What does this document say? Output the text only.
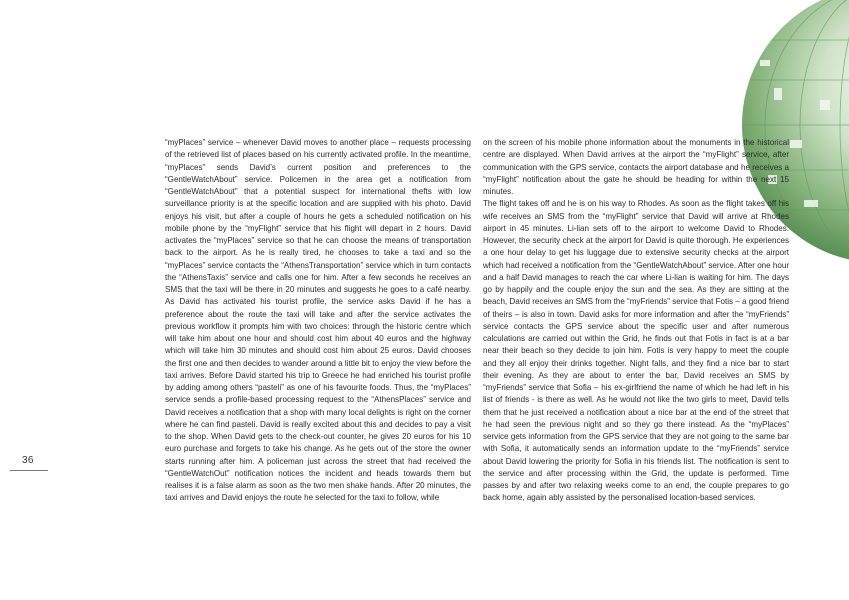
36

“myPlaces” service – whenever David moves to another place – requests processing of the retrieved list of places based on his currently activated profile. In the meantime, “myPlaces” sends David’s current position and preferences to the “GentleWatchAbout” service. Policemen in the area get a notification from “GentleWatchAbout” that a potential suspect for international thefts with low surveillance priority is at the specific location and are supplied with his photo. David enjoys his visit, but after a couple of hours he gets a scheduled notification on his mobile phone by the “myFlight” service that his flight will depart in 2 hours. David activates the “myPlaces” service so that he can choose the means of transportation back to the airport. As he is really tired, he chooses to take a taxi and so the “myPlaces” service contacts the “AthensTransportation” service which in turn contacts the “AthensTaxis” service and calls one for him. After a few seconds he receives an SMS that the taxi will be there in 20 minutes and suggests he goes to a café nearby. As David has activated his tourist profile, the service asks David if he has a preference about the route the taxi will take and after the service activates the previous workflow it prompts him with two choices: through the historic centre which will take him about one hour and should cost him about 40 euros and the highway which will take him 30 minutes and should cost him about 25 euros. David chooses the first one and then decides to wander around a little bit to enjoy the view before the taxi arrives. Before David started his trip to Greece he had enriched his tourist profile by adding among others “pasteli” as one of his favourite foods. Thus, the “myPlaces” service sends a profile-based processing request to the “AthensPlaces” service and David receives a notification that a shop with many local delights is right on the corner where he can find pasteli. David is really excited about this and decides to pay a visit to the shop. When David gets to the check-out counter, he gives 20 euros for his 10 euro purchase and forgets to take his change. As he gets out of the store the owner starts running after him. A policeman just across the street that had received the “GentleWatchOut” notification notices the incident and heads towards them but realises it is a false alarm as soon as the two men shake hands. After 20 minutes, the taxi arrives and David enjoys the route he selected for the taxi to follow, while

on the screen of his mobile phone information about the monuments in the historical centre are displayed. When David arrives at the airport the “myFlight” service, after communication with the GPS service, contacts the airport database and he receives a “myFlight” notification about the gate he should be heading for within the next 15 minutes.

The flight takes off and he is on his way to Rhodes. As soon as the flight takes off his wife receives an SMS from the “myFlight” service that David will arrive at Rhodes airport in 45 minutes. Li-lian sets off to the airport to welcome David to Rhodes. However, the security check at the airport for David is quite thorough. He experiences a one hour delay to get his luggage due to extensive security checks at the airport which had received a notification from the “GentleWatchAbout” service. After one hour and a half David manages to reach the car where Li-lian is waiting for him. The days go by happily and the couple enjoy the sun and the sea. As they are sitting at the beach, David receives an SMS from the “myFriends” service that Fotis – a good friend of theirs – is also in town. David asks for more information and after the “myFriends” service contacts the GPS service about the specific user and after numerous calculations are carried out within the Grid, he finds out that Fotis in fact is at a bar near their beach so they decide to join him. Fotis is very happy to meet the couple and they all enjoy their drinks together. Night falls, and they find a nice bar to start their evening. As they are about to enter the bar, David receives an SMS by “myFriends” service that Sofia – his ex-girlfriend the name of which he had left in his list of friends - is there as well. As he would not like the two girls to meet, David tells them that he just received a notification about a nice bar at the end of the street that he had seen the previous night and so they go there instead. As the “myPlaces” service gets information from the GPS service that they are not going to the same bar with Sofia, it automatically sends an information update to the “myFriends” service about David lowering the priority for Sofia in his friends list. The notification is sent to the service and after processing within the Grid, the update is performed. Time passes by and after two relaxing weeks come to an end, the couple prepares to go back home, again ably assisted by the personalised location-based services.
